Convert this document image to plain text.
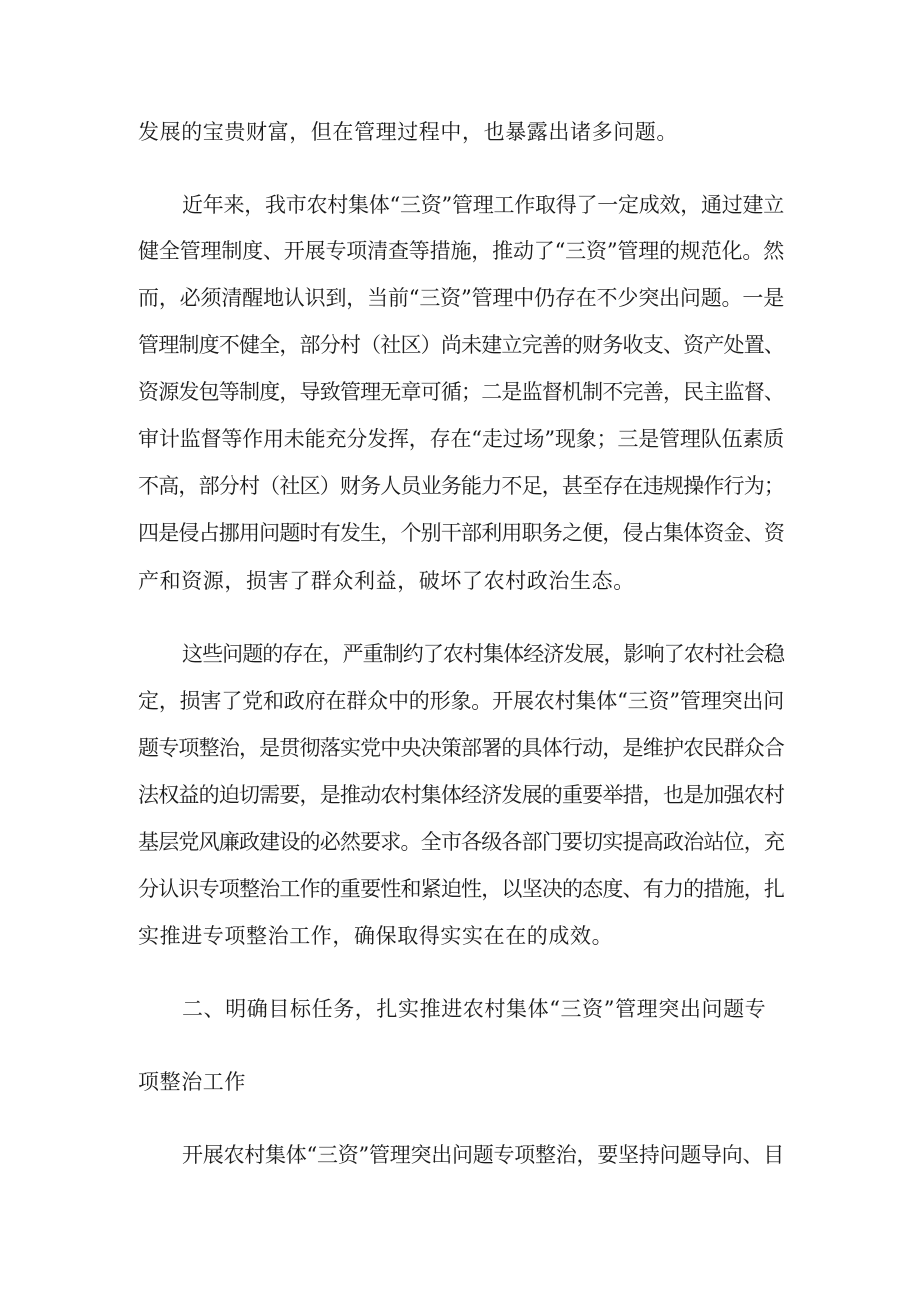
发展的宝贵财富，但在管理过程中，也暴露出诸多问题。
近年来，我市农村集体“三资”管理工作取得了一定成效，通过建立
健全管理制度、开展专项清查等措施，推动了“三资”管理的规范化。然
而，必须清醒地认识到，当前“三资”管理中仍存在不少突出问题。一是
管理制度不健全，部分村（社区）尚未建立完善的财务收支、资产处置、
资源发包等制度，导致管理无章可循；二是监督机制不完善，民主监督、
审计监督等作用未能充分发挥，存在“走过场”现象；三是管理队伍素质
不高，部分村（社区）财务人员业务能力不足，甚至存在违规操作行为；
四是侵占挪用问题时有发生，个别干部利用职务之便，侵占集体资金、资
产和资源，损害了群众利益，破坏了农村政治生态。
这些问题的存在，严重制约了农村集体经济发展，影响了农村社会稳
定，损害了党和政府在群众中的形象。开展农村集体“三资”管理突出问
题专项整治，是贯彻落实党中央决策部署的具体行动，是维护农民群众合
法权益的迫切需要，是推动农村集体经济发展的重要举措，也是加强农村
基层党风廉政建设的必然要求。全市各级各部门要切实提高政治站位，充
分认识专项整治工作的重要性和紧迫性，以坚决的态度、有力的措施，扎
实推进专项整治工作，确保取得实实在在的成效。
二、明确目标任务，扎实推进农村集体“三资”管理突出问题专
项整治工作
开展农村集体“三资”管理突出问题专项整治，要坚持问题导向、目
